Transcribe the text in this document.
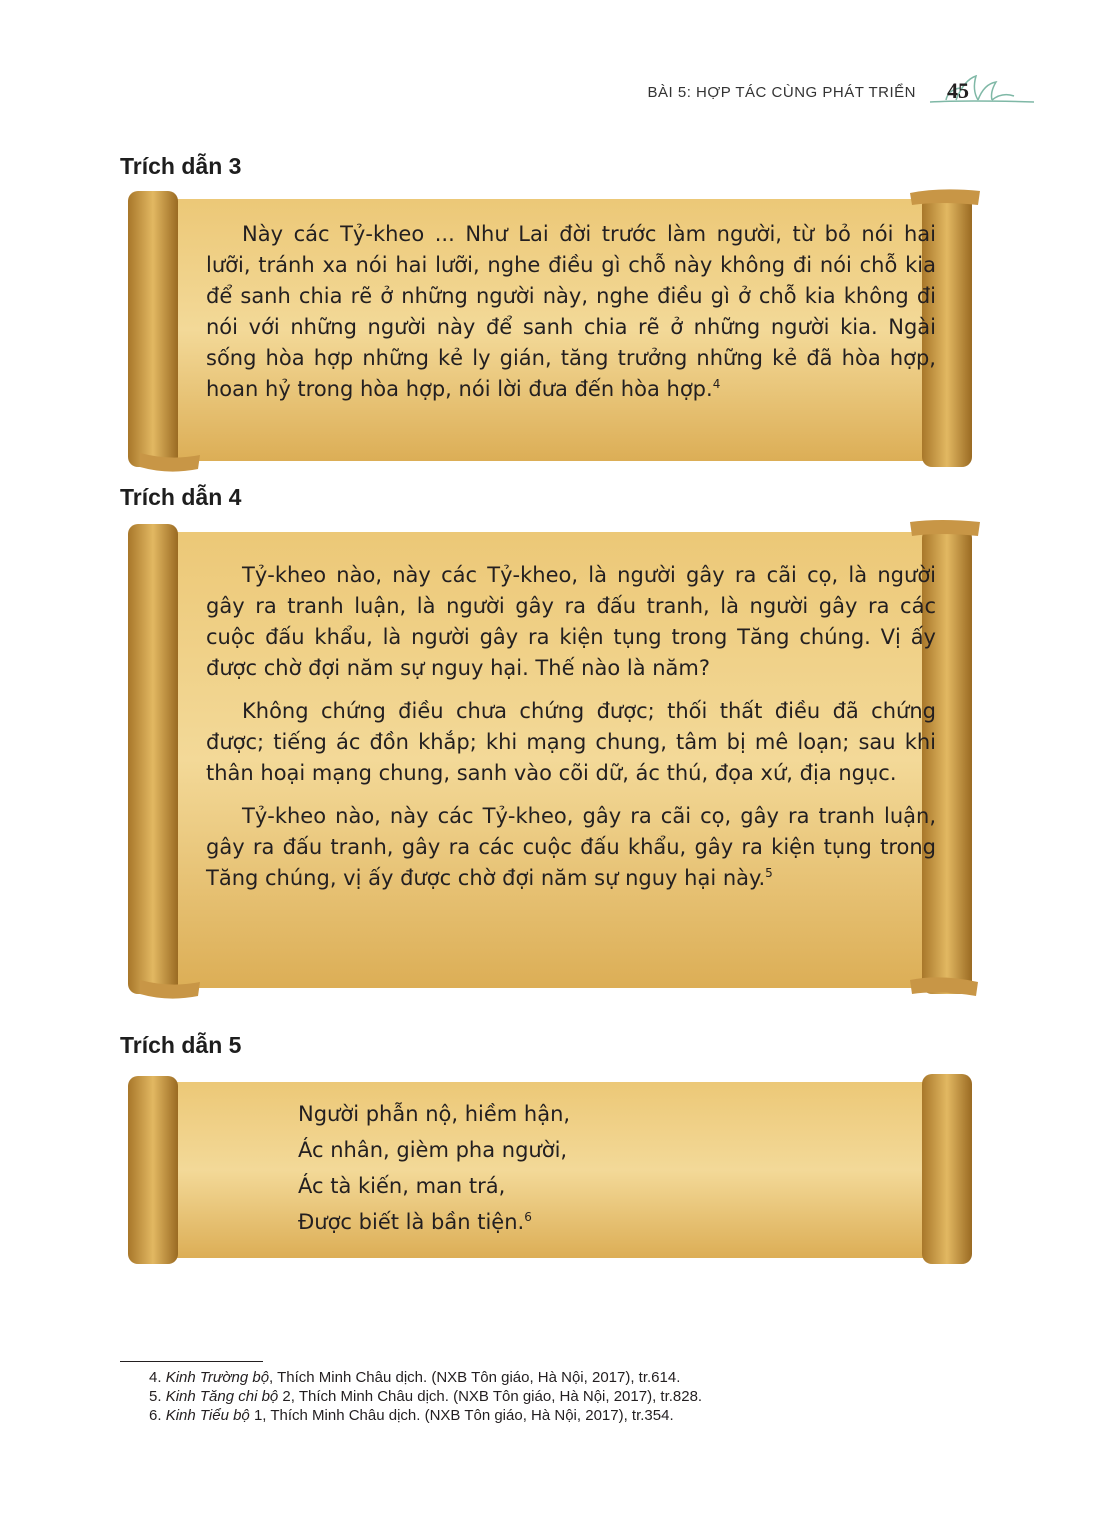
BÀI 5: HỢP TÁC CÙNG PHÁT TRIỂN	45
Trích dẫn 3

Này các Tỷ-kheo ... Như Lai đời trước làm người, từ bỏ nói hai lưỡi, tránh xa nói hai lưỡi, nghe điều gì chỗ này không đi nói chỗ kia để sanh chia rẽ ở những người này, nghe điều gì ở chỗ kia không đi nói với những người này để sanh chia rẽ ở những người kia. Ngài sống hòa hợp những kẻ ly gián, tăng trưởng những kẻ đã hòa hợp, hoan hỷ trong hòa hợp, nói lời đưa đến hòa hợp.$^4$

Trích dẫn 4

Tỷ-kheo nào, này các Tỷ-kheo, là người gây ra cãi cọ, là người gây ra tranh luận, là người gây ra đấu tranh, là người gây ra các cuộc đấu khẩu, là người gây ra kiện tụng trong Tăng chúng. Vị ấy được chờ đợi năm sự nguy hại. Thế nào là năm?

Không chứng điều chưa chứng được; thối thất điều đã chứng được; tiếng ác đồn khắp; khi mạng chung, tâm bị mê loạn; sau khi thân hoại mạng chung, sanh vào cõi dữ, ác thú, đọa xứ, địa ngục.

Tỷ-kheo nào, này các Tỷ-kheo, gây ra cãi cọ, gây ra tranh luận, gây ra đấu tranh, gây ra các cuộc đấu khẩu, gây ra kiện tụng trong Tăng chúng, vị ấy được chờ đợi năm sự nguy hại này.$^5$

Trích dẫn 5
Người phẫn nộ, hiềm hận,
Ác nhân, gièm pha người,
Ác tà kiến, man trá,
Được biết là bần tiện.$^6$
4. Kinh Trường bộ, Thích Minh Châu dịch. (NXB Tôn giáo, Hà Nội, 2017), tr.614.
5. Kinh Tăng chi bộ 2, Thích Minh Châu dịch. (NXB Tôn giáo, Hà Nội, 2017), tr.828.
6. Kinh Tiểu bộ 1, Thích Minh Châu dịch. (NXB Tôn giáo, Hà Nội, 2017), tr.354.
